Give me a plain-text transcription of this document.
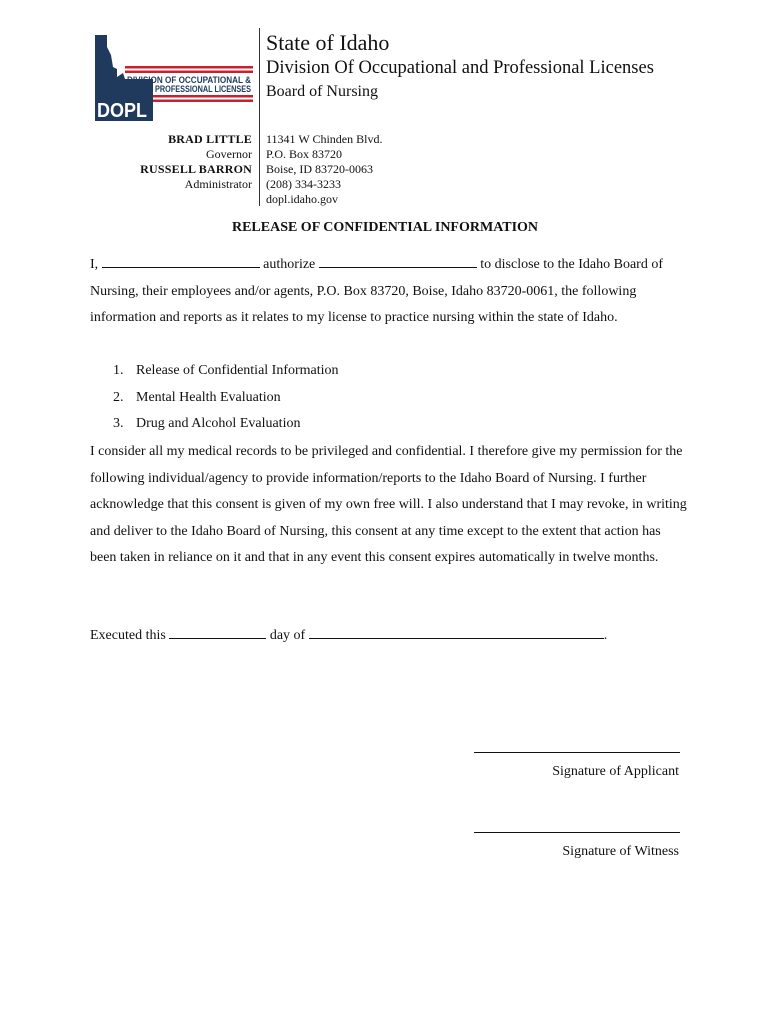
DIVISION OF OCCUPATIONAL &
PROFESSIONAL LICENSES
DOPL
State of Idaho
Division Of Occupational and Professional Licenses
Board of Nursing
BRAD LITTLE
Governor
RUSSELL BARRON
Administrator
11341 W Chinden Blvd.
P.O. Box 83720
Boise, ID 83720-0063
(208) 334-3233
dopl.idaho.gov
RELEASE OF CONFIDENTIAL INFORMATION
I,	authorize	to disclose to the Idaho Board of Nursing, their employees and/or agents, P.O. Box 83720, Boise, Idaho 83720-0061, the following information and reports as it relates to my license to practice nursing within the state of Idaho.
1. Release of Confidential Information
2. Mental Health Evaluation
3. Drug and Alcohol Evaluation
I consider all my medical records to be privileged and confidential. I therefore give my permission for the following individual/agency to provide information/reports to the Idaho Board of Nursing. I further acknowledge that this consent is given of my own free will. I also understand that I may revoke, in writing and deliver to the Idaho Board of Nursing, this consent at any time except to the extent that action has been taken in reliance on it and that in any event this consent expires automatically in twelve months.
Executed this	day of	.
Signature of Applicant
Signature of Witness
